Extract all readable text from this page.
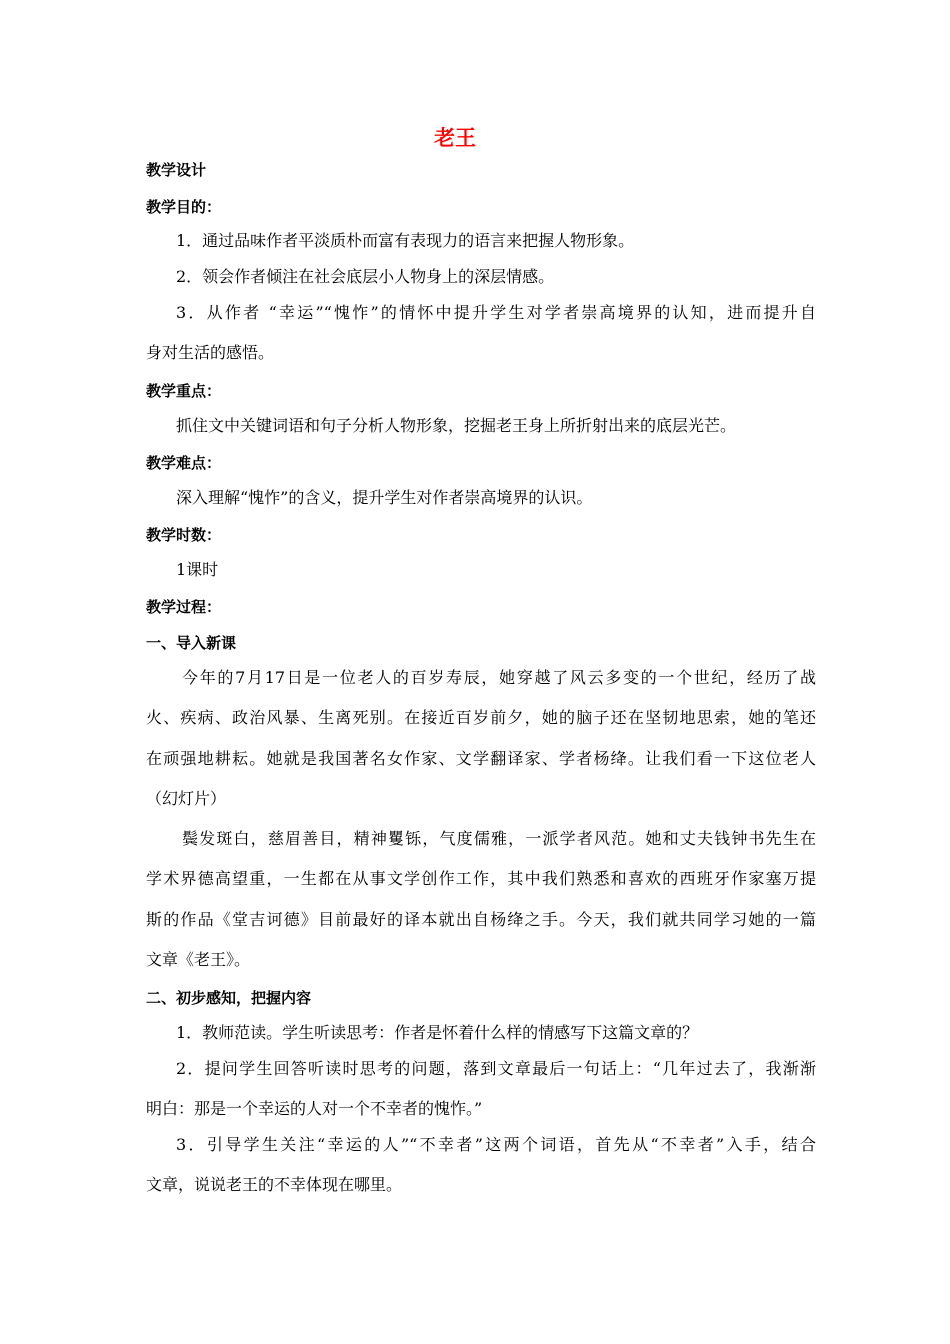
老王

教学设计

教学目的：

1．通过品味作者平淡质朴而富有表现力的语言来把握人物形象。

2．领会作者倾注在社会底层小人物身上的深层情感。

3．从作者 “幸运”“愧怍”的情怀中提升学生对学者崇高境界的认知，进而提升自

身对生活的感悟。

教学重点：

抓住文中关键词语和句子分析人物形象，挖掘老王身上所折射出来的底层光芒。

教学难点：

深入理解“愧怍”的含义，提升学生对作者崇高境界的认识。

教学时数：

1课时

教学过程：

一、导入新课

今年的7月17日是一位老人的百岁寿辰，她穿越了风云多变的一个世纪，经历了战

火、疾病、政治风暴、生离死别。在接近百岁前夕，她的脑子还在坚韧地思索，她的笔还

在顽强地耕耘。她就是我国著名女作家、文学翻译家、学者杨绛。让我们看一下这位老人

（幻灯片）

鬓发斑白，慈眉善目，精神矍铄，气度儒雅，一派学者风范。她和丈夫钱钟书先生在

学术界德高望重，一生都在从事文学创作工作，其中我们熟悉和喜欢的西班牙作家塞万提

斯的作品《堂吉诃德》目前最好的译本就出自杨绛之手。今天，我们就共同学习她的一篇

文章《老王》。

二、初步感知，把握内容

1．教师范读。学生听读思考：作者是怀着什么样的情感写下这篇文章的？

2．提问学生回答听读时思考的问题，落到文章最后一句话上：“几年过去了，我渐渐

明白：那是一个幸运的人对一个不幸者的愧怍。”

3．引导学生关注“幸运的人”“不幸者”这两个词语，首先从“不幸者”入手，结合

文章，说说老王的不幸体现在哪里。
